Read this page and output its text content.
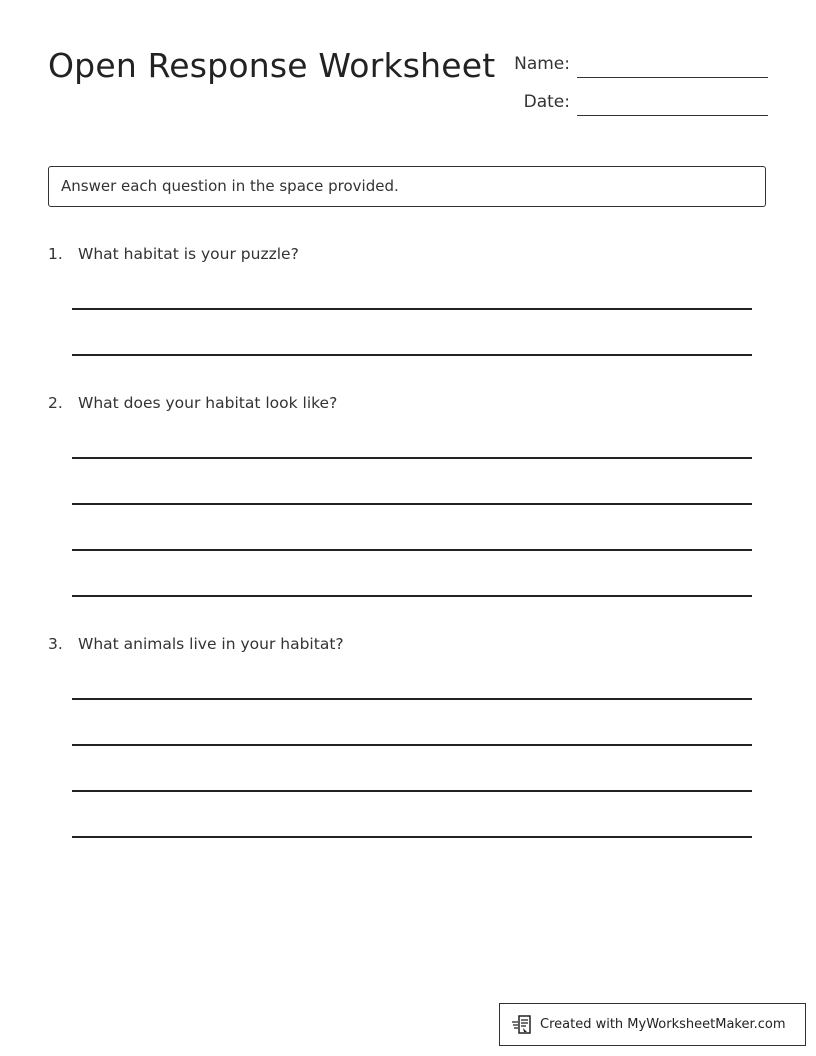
Open Response Worksheet Name:
Date:
Answer each question in the space provided.
1. What habitat is your puzzle?
2. What does your habitat look like?
3. What animals live in your habitat?
Created with MyWorksheetMaker.com
